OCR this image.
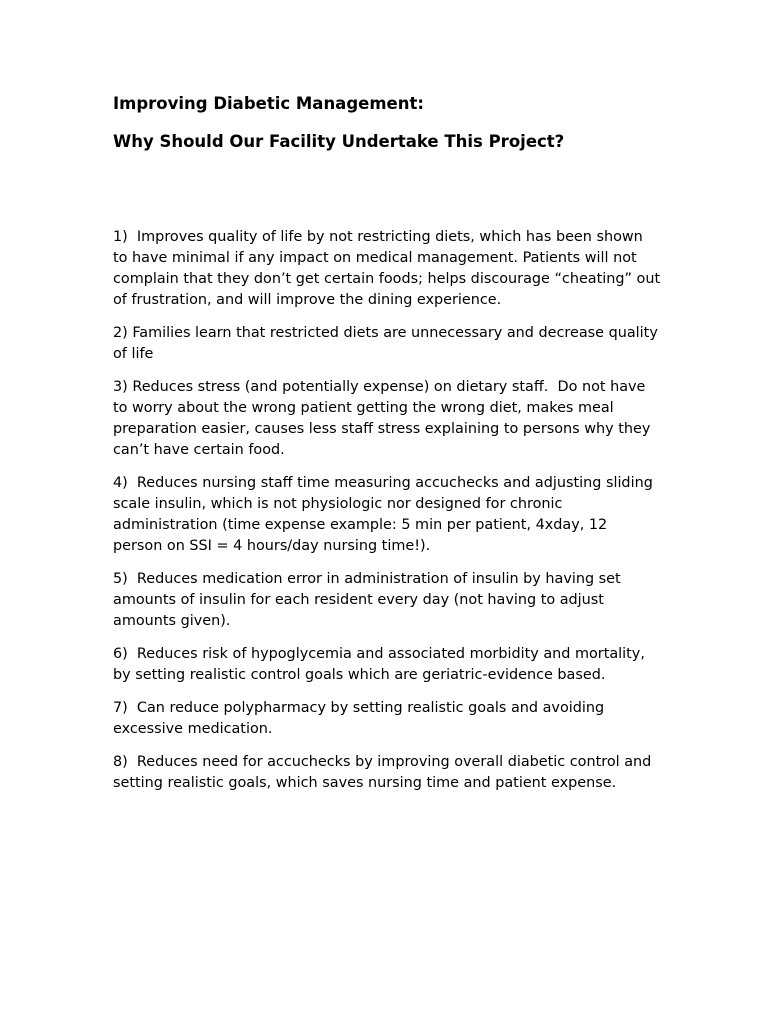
Improving Diabetic Management:
Why Should Our Facility Undertake This Project?

1)  Improves quality of life by not restricting diets, which has been shown to have minimal if any impact on medical management. Patients will not complain that they don’t get certain foods; helps discourage “cheating” out of frustration, and will improve the dining experience.

2) Families learn that restricted diets are unnecessary and decrease quality of life

3) Reduces stress (and potentially expense) on dietary staff.  Do not have to worry about the wrong patient getting the wrong diet, makes meal preparation easier, causes less staff stress explaining to persons why they can’t have certain food.

4)  Reduces nursing staff time measuring accuchecks and adjusting sliding scale insulin, which is not physiologic nor designed for chronic administration (time expense example: 5 min per patient, 4xday, 12 person on SSI = 4 hours/day nursing time!).

5)  Reduces medication error in administration of insulin by having set amounts of insulin for each resident every day (not having to adjust amounts given).

6)  Reduces risk of hypoglycemia and associated morbidity and mortality, by setting realistic control goals which are geriatric-evidence based.

7)  Can reduce polypharmacy by setting realistic goals and avoiding excessive medication.

8)  Reduces need for accuchecks by improving overall diabetic control and setting realistic goals, which saves nursing time and patient expense.
